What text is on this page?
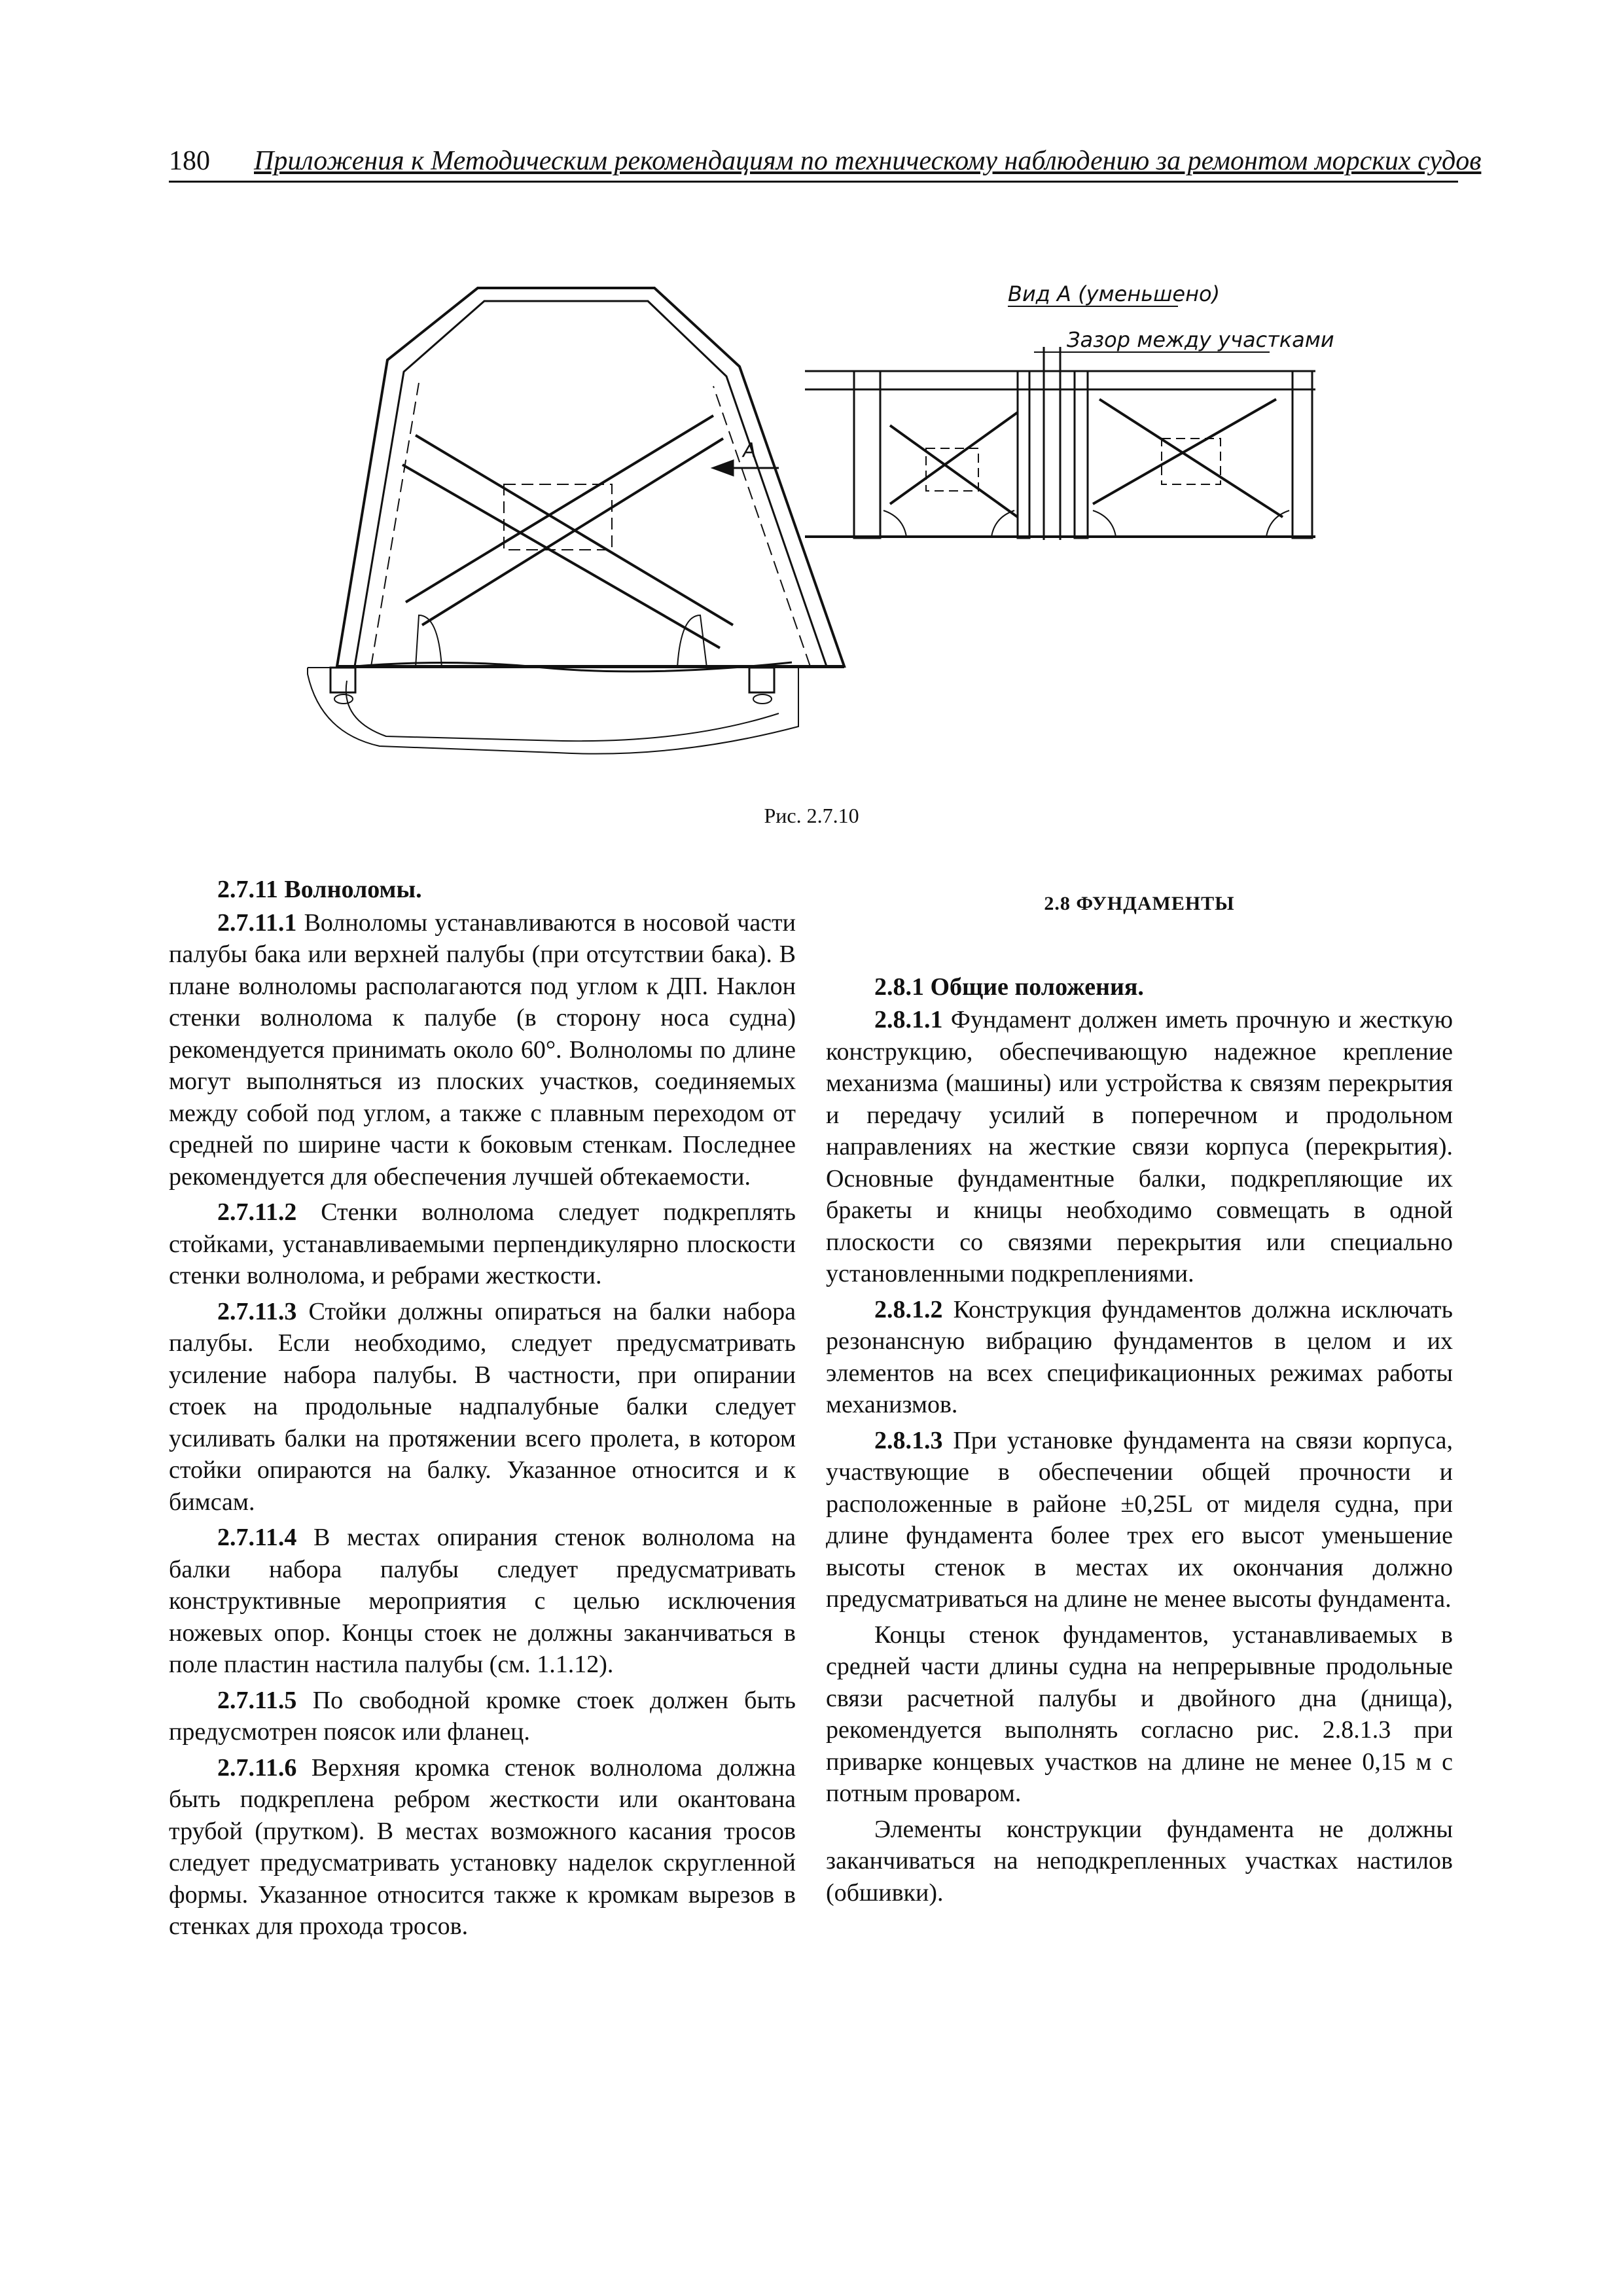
180 Приложения к Методическим рекомендациям по техническому наблюдению за ремонтом морских судов
А
Вид А (уменьшено)
Зазор между участками
Рис. 2.7.10
2.7.11 Волноломы.

2.7.11.1 Волноломы устанавливаются в носовой части палубы бака или верхней палубы (при отсутствии бака). В плане волноломы располагаются под углом к ДП. Наклон стенки волнолома к палубе (в сторону носа судна) рекомендуется принимать около 60°. Волноломы по длине могут выполняться из плоских участков, соединяемых между собой под углом, а также с плавным переходом от средней по ширине части к боковым стенкам. Последнее рекомендуется для обеспечения лучшей обтекаемости.

2.7.11.2 Стенки волнолома следует подкреплять стойками, устанавливаемыми перпендикулярно плоскости стенки волнолома, и ребрами жесткости.

2.7.11.3 Стойки должны опираться на балки набора палубы. Если необходимо, следует предусматривать усиление набора палубы. В частности, при опирании стоек на продольные надпалубные балки следует усиливать балки на протяжении всего пролета, в котором стойки опираются на балку. Указанное относится и к бимсам.

2.7.11.4 В местах опирания стенок волнолома на балки набора палубы следует предусматривать конструктивные мероприятия с целью исключения ножевых опор. Концы стоек не должны заканчиваться в поле пластин настила палубы (см. 1.1.12).

2.7.11.5 По свободной кромке стоек должен быть предусмотрен поясок или фланец.

2.7.11.6 Верхняя кромка стенок волнолома должна быть подкреплена ребром жесткости или окантована трубой (прутком). В местах возможного касания тросов следует предусматривать установку наделок скругленной формы. Указанное относится также к кромкам вырезов в стенках для прохода тросов.

2.8 ФУНДАМЕНТЫ
2.8.1 Общие положения.

2.8.1.1 Фундамент должен иметь прочную и жесткую конструкцию, обеспечивающую надежное крепление механизма (машины) или устройства к связям перекрытия и передачу усилий в поперечном и продольном направлениях на жесткие связи корпуса (перекрытия). Основные фундаментные балки, подкрепляющие их бракеты и кницы необходимо совмещать в одной плоскости со связями перекрытия или специально установленными подкреплениями.

2.8.1.2 Конструкция фундаментов должна исключать резонансную вибрацию фундаментов в целом и их элементов на всех спецификационных режимах работы механизмов.

2.8.1.3 При установке фундамента на связи корпуса, участвующие в обеспечении общей прочности и расположенные в районе ±0,25L от миделя судна, при длине фундамента более трех его высот уменьшение высоты стенок в местах их окончания должно предусматриваться на длине не менее высоты фундамента.

Концы стенок фундаментов, устанавливаемых в средней части длины судна на непрерывные продольные связи расчетной палубы и двойного дна (днища), рекомендуется выполнять согласно рис. 2.8.1.3 при приварке концевых участков на длине не менее 0,15 м с потным проваром.

Элементы конструкции фундамента не должны заканчиваться на неподкрепленных участках настилов (обшивки).
